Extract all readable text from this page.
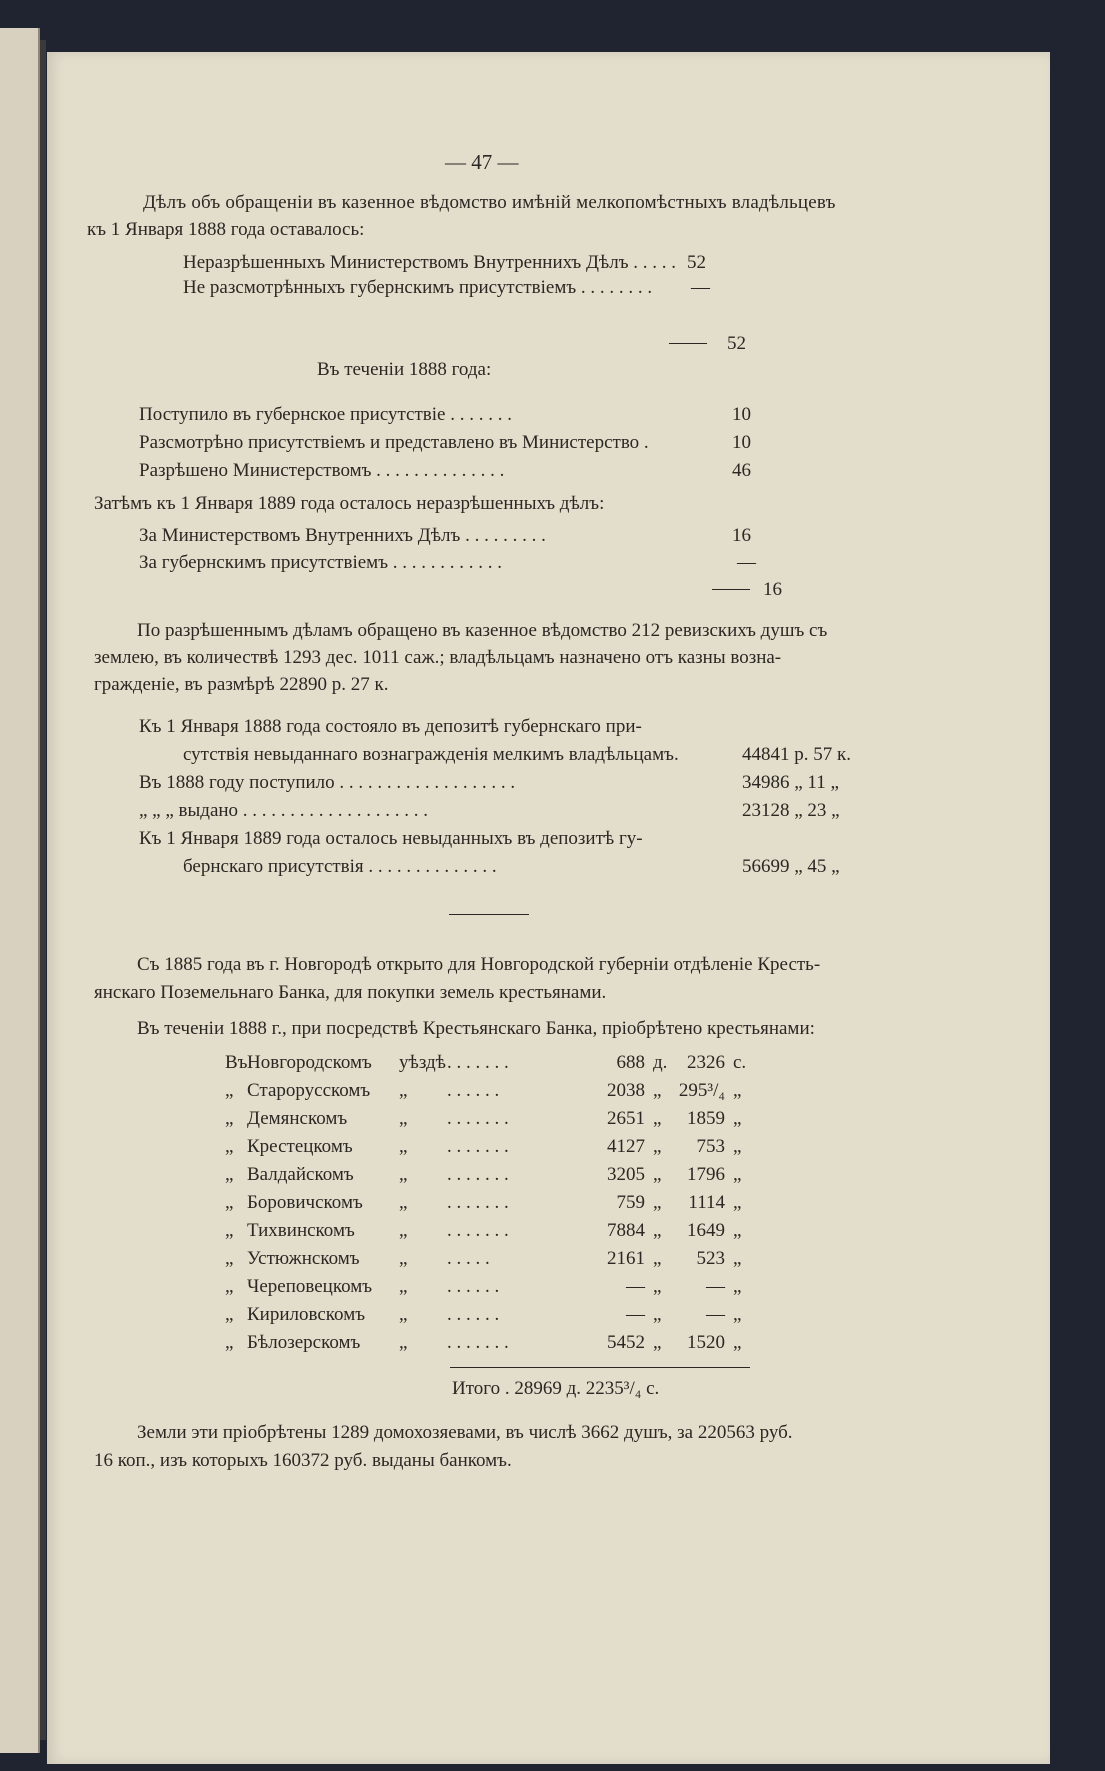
— 47 —
Дѣлъ объ обращеніи въ казенное вѣдомство имѣній мелкопомѣстныхъ владѣльцевъ
къ 1 Января 1888 года оставалось:
Неразрѣшенныхъ Министерствомъ Внутреннихъ Дѣлъ . . . . . 52
Не разсмотрѣнныхъ губернскимъ присутствіемъ . . . . . . . .	—
52
Въ теченіи 1888 года:
Поступило въ губернское присутствіе . . . . . . .	10
Разсмотрѣно присутствіемъ и представлено въ Министерство .	10
Разрѣшено Министерствомъ . . . . . . . . . . . . . .	46
Затѣмъ къ 1 Января 1889 года осталось неразрѣшенныхъ дѣлъ:
За Министерствомъ Внутреннихъ Дѣлъ . . . . . . . . .	16
За губернскимъ присутствіемъ . . . . . . . . . . . .	—
16
По разрѣшеннымъ дѣламъ обращено въ казенное вѣдомство 212 ревизскихъ душъ съ
землею, въ количествѣ 1293 дес. 1011 саж.; владѣльцамъ назначено отъ казны возна-
гражденіе, въ размѣрѣ 22890 р. 27 к.
Къ 1 Января 1888 года состояло въ депозитѣ губернскаго при-
сутствія невыданнаго вознагражденія мелкимъ владѣльцамъ.	44841 р. 57 к.
Въ 1888 году поступило . . . . . . . . . . . . . . . . . . .	34986 „ 11 „
„ „ „ выдано . . . . . . . . . . . . . . . . . . . .	23128 „ 23 „
Къ 1 Января 1889 года осталось невыданныхъ въ депозитѣ гу-
бернскаго присутствія . . . . . . . . . . . . . .	56699 „ 45 „
Съ 1885 года въ г. Новгородѣ открыто для Новгородской губерніи отдѣленіе Кресть-
янскаго Поземельнаго Банка, для покупки земель крестьянами.
Въ теченіи 1888 г., при посредствѣ Крестьянскаго Банка, пріобрѣтено крестьянами:
Въ Новгородскомъ уѣздѣ . . . . . . .	688 д.	2326 с.
„ Старорусскомъ „ . . . . . .	2038 „ 295³/₄ „
„ Демянскомъ	„ . . . . . . .	2651 „	1859 „
„ Крестецкомъ „ . . . . . . .	4127 „	753 „
„ Валдайскомъ „ . . . . . . .	3205 „	1796 „
„ Боровичскомъ „ . . . . . . .	759 „	1114 „
„ Тихвинскомъ „ . . . . . . .	7884 „	1649 „
„ Устюжнскомъ „ . . . . .	2161 „	523 „
„ Череповецкомъ „ . . . . . .	— „	— „
„ Кириловскомъ „ . . . . . .	— „	— „
„ Бѣлозерскомъ „ . . . . . . .	5452 „	1520 „
Итого . 28969 д. 2235³/₄ с.
Земли эти пріобрѣтены 1289 домохозяевами, въ числѣ 3662 душъ, за 220563 руб.
16 коп., изъ которыхъ 160372 руб. выданы банкомъ.
